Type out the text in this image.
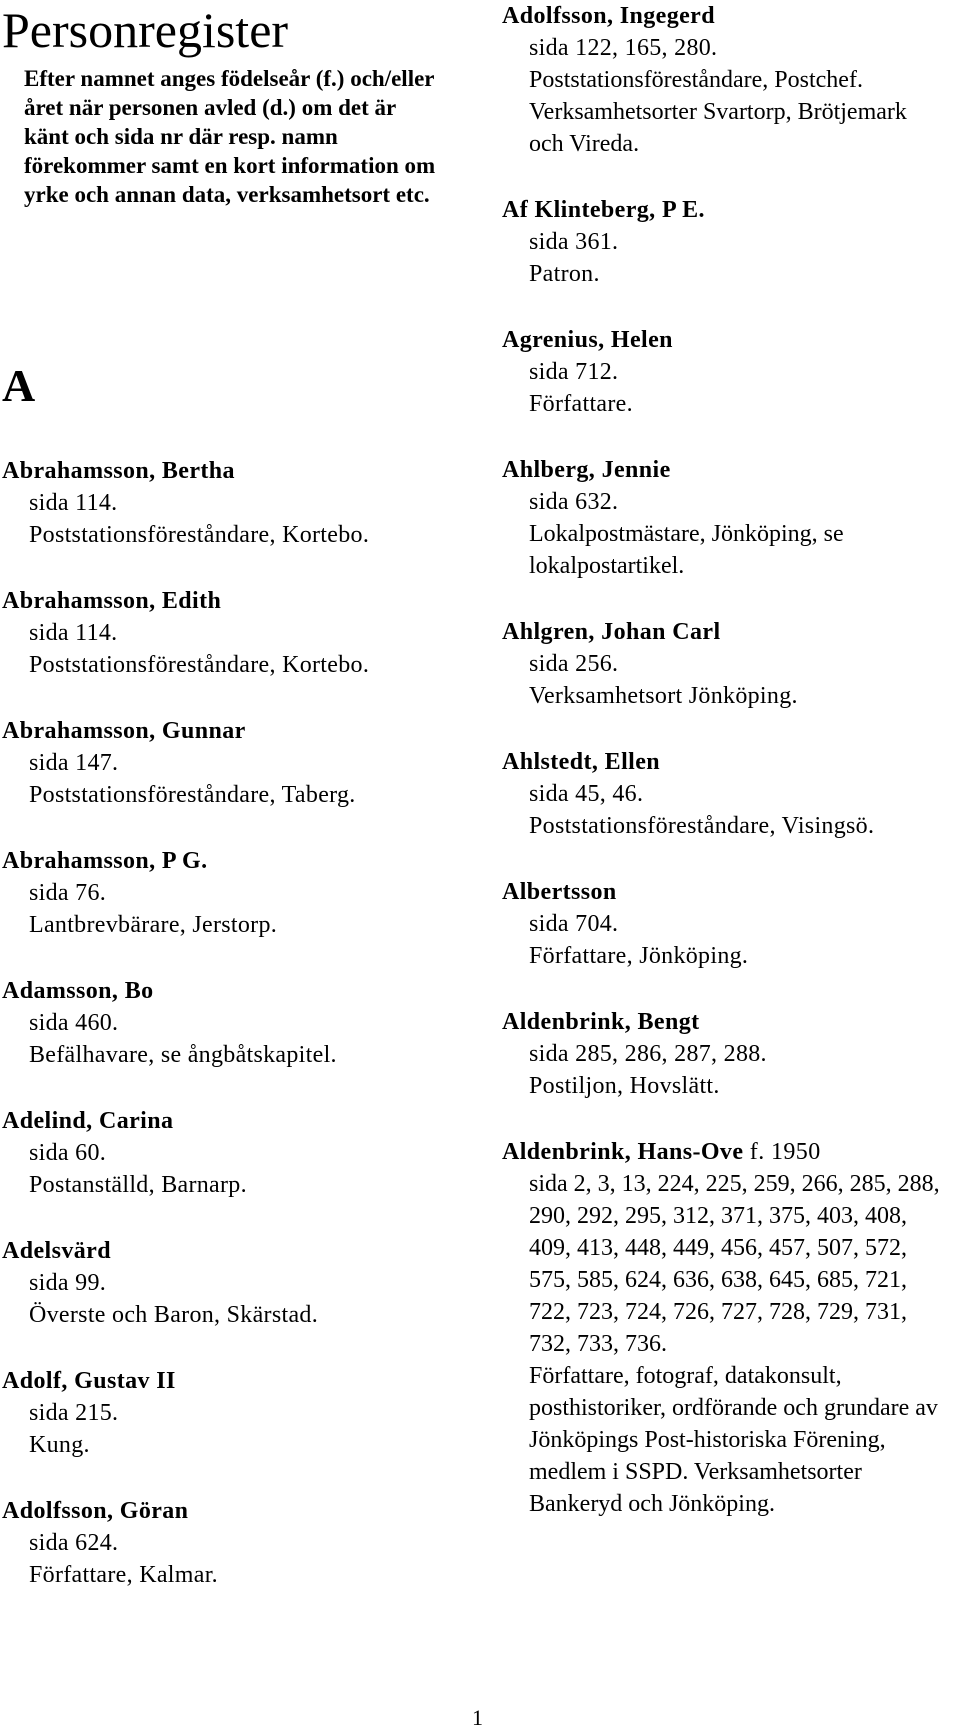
Personregister

Efter namnet anges födelseår (f.) och/eller året när personen avled (d.) om det är känt och sida nr där resp. namn förekommer samt en kort information om yrke och annan data, verksamhetsort etc.

A
Abrahamsson, Bertha
sida 114.
Poststationsföreståndare, Kortebo.
Abrahamsson, Edith
sida 114.
Poststationsföreståndare, Kortebo.
Abrahamsson, Gunnar
sida 147.
Poststationsföreståndare, Taberg.
Abrahamsson, P G.
sida 76.
Lantbrevbärare, Jerstorp.
Adamsson, Bo
sida 460.
Befälhavare, se ångbåtskapitel.
Adelind, Carina
sida 60.
Postanställd, Barnarp.
Adelsvärd
sida 99.
Överste och Baron, Skärstad.
Adolf, Gustav II
sida 215.
Kung.
Adolfsson, Göran
sida 624.
Författare, Kalmar.
Adolfsson, Ingegerd
sida 122, 165, 280.
Poststationsföreståndare, Postchef. Verksamhetsorter Svartorp, Brötjemark och Vireda.
Af Klinteberg, P E.
sida 361.
Patron.
Agrenius, Helen
sida 712.
Författare.
Ahlberg, Jennie
sida 632.
Lokalpostmästare, Jönköping, se lokalpostartikel.
Ahlgren, Johan Carl
sida 256.
Verksamhetsort Jönköping.
Ahlstedt, Ellen
sida 45, 46.
Poststationsföreståndare, Visingsö.
Albertsson
sida 704.
Författare, Jönköping.
Aldenbrink, Bengt
sida 285, 286, 287, 288.
Postiljon, Hovslätt.
Aldenbrink, Hans-Ove f. 1950
sida 2, 3, 13, 224, 225, 259, 266, 285, 288, 290, 292, 295, 312, 371, 375, 403, 408, 409, 413, 448, 449, 456, 457, 507, 572, 575, 585, 624, 636, 638, 645, 685, 721, 722, 723, 724, 726, 727, 728, 729, 731, 732, 733, 736.
Författare, fotograf, datakonsult, posthistoriker, ordförande och grundare av Jönköpings Post-historiska Förening, medlem i SSPD. Verksamhetsorter Bankeryd och Jönköping.
1
